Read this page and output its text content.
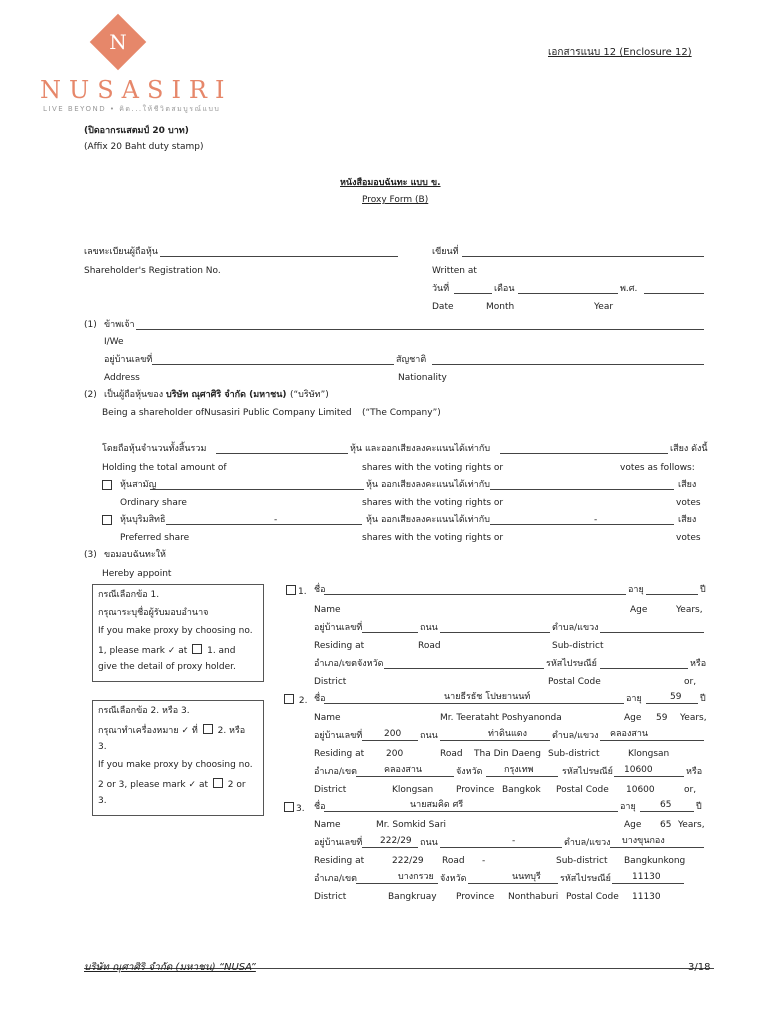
N
NUSASIRI
LIVE BEYOND • คิด...ให้ชีวิตสมบูรณ์แบบ
เอกสารแนบ 12 (Enclosure 12)
(ปิดอากรแสตมป์ 20 บาท)
(Affix 20 Baht duty stamp)
หนังสือมอบฉันทะ แบบ ข.
Proxy Form (B)
เลขทะเบียนผู้ถือหุ้น
Shareholder's Registration No.
เขียนที่
Written at
วันที่	เดือน	พ.ศ.
Date	Month	Year
(1) ข้าพเจ้า
I/We
อยู่บ้านเลขที่	สัญชาติ
Address	Nationality
(2) เป็นผู้ถือหุ้นของ บริษัท ณุศาศิริ จำกัด (มหาชน) (“บริษัท”)
Being a shareholder of Nusasiri Public Company Limited (“The Company”)
โดยถือหุ้นจำนวนทั้งสิ้นรวม	หุ้น และออกเสียงลงคะแนนได้เท่ากับ	เสียง ดังนี้
Holding the total amount of	shares with the voting rights or	votes as follows:
หุ้นสามัญ	หุ้น ออกเสียงลงคะแนนได้เท่ากับ	เสียง
Ordinary share	shares with the voting rights or	votes
หุ้นบุริมสิทธิ	-	หุ้น ออกเสียงลงคะแนนได้เท่ากับ	-	เสียง
Preferred share	shares with the voting rights or	votes
(3) ขอมอบฉันทะให้
Hereby appoint
กรณีเลือกข้อ 1.
กรุณาระบุชื่อผู้รับมอบอำนาจ
If you make proxy by choosing no.
1, please mark ✓ at 1. and
give the detail of proxy holder.
กรณีเลือกข้อ 2. หรือ 3.
กรุณาทำเครื่องหมาย ✓ ที่ 2. หรือ
3.
If you make proxy by choosing no.
2 or 3, please mark ✓ at 2 or
3.
1. ชื่อ	อายุ	ปี
Name	Age	Years,
อยู่บ้านเลขที่	ถนน	ตำบล/แขวง
Residing at	Road	Sub-district
อำเภอ/เขตจังหวัด	รหัสไปรษณีย์	หรือ
District	Postal Code	or,
2. ชื่อ	นายธีรธัช โปษยานนท์	อายุ	59 ปี
Name	Mr. Teerataht Poshyanonda	Age 59 Years,
อยู่บ้านเลขที่ 200 ถนน	ท่าดินแดง	ตำบล/แขวง คลองสาน
Residing at 200	Road Tha Din Daeng Sub-district	Klongsan
อำเภอ/เขต	คลองสาน	จังหวัด กรุงเทพ	รหัสไปรษณีย์ 10600	หรือ
District	Klongsan	Province Bangkok Postal Code 10600	or,
3. ชื่อ	นายสมคิด ศรี	อายุ	65	ปี
Name	Mr. Somkid Sari	Age 65 Years,
อยู่บ้านเลขที่ 222/29 ถนน	-	ตำบล/แขวง บางขุนกอง
Residing at	222/29 Road -	Sub-district Bangkunkong
อำเภอ/เขต	บางกรวย จังหวัด	นนทบุรี รหัสไปรษณีย์ 11130
District	Bangkruay Province Nonthaburi Postal Code 11130
บริษัท ณุศาศิริ จำกัด (มหาชน) “NUSA”	3/18
